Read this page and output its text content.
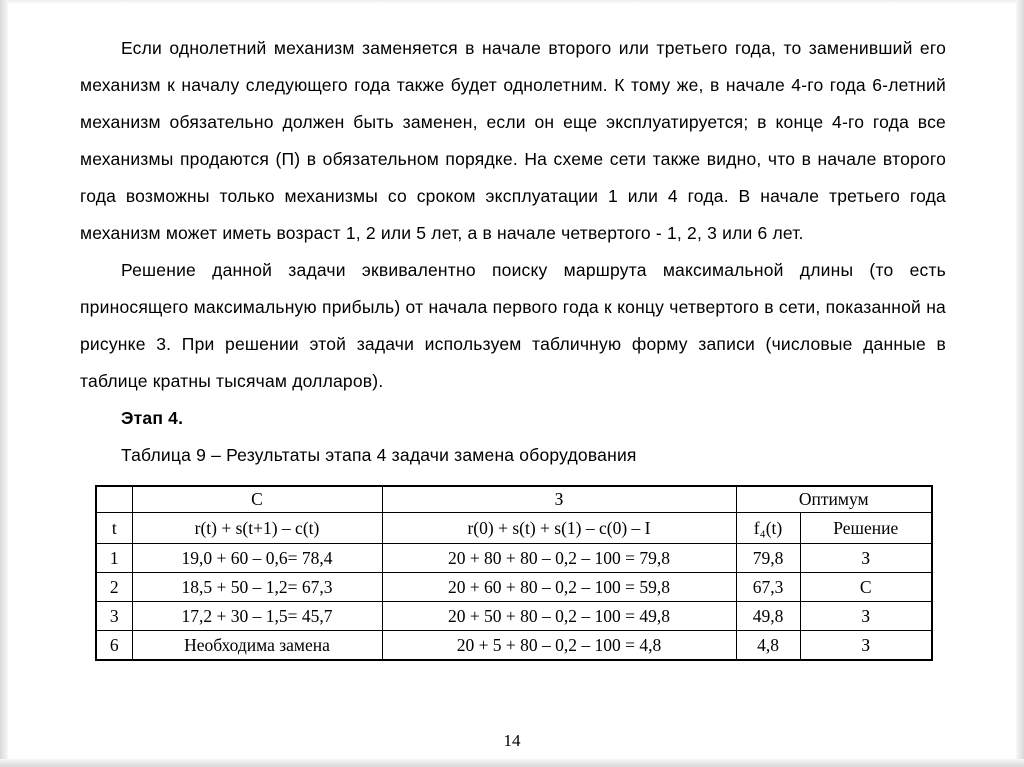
Если однолетний механизм заменяется в начале второго или третьего года, то заменивший его механизм к началу следующего года также будет однолетним. К тому же, в начале 4-го года 6-летний механизм обязательно должен быть заменен, если он еще эксплуатируется; в конце 4-го года все механизмы продаются (П) в обязательном порядке. На схеме сети также видно, что в начале второго года возможны только механизмы со сроком эксплуатации 1 или 4 года. В начале третьего года механизм может иметь возраст 1, 2 или 5 лет, а в начале четвертого - 1, 2, 3 или 6 лет.

Решение данной задачи эквивалентно поиску маршрута максимальной длины (то есть приносящего максимальную прибыль) от начала первого года к концу четвертого в сети, показанной на рисунке 3. При решении этой задачи используем табличную форму записи (числовые данные в таблице кратны тысячам долларов).

Этап 4.

Таблица 9 – Результаты этапа 4 задачи замена оборудования

	С	З	Оптимум	
t	r(t) + s(t+1) – c(t)	r(0) + s(t) + s(1) – c(0) – I	f₄(t)	Решение
1	19,0 + 60 – 0,6= 78,4	20 + 80 + 80 – 0,2 – 100 = 79,8	79,8	З
2	18,5 + 50 – 1,2= 67,3	20 + 60 + 80 – 0,2 – 100 = 59,8	67,3	С
3	17,2 + 30 – 1,5= 45,7	20 + 50 + 80 – 0,2 – 100 = 49,8	49,8	З
6	Необходима замена	20 + 5 + 80 – 0,2 – 100 = 4,8	4,8	З
14
